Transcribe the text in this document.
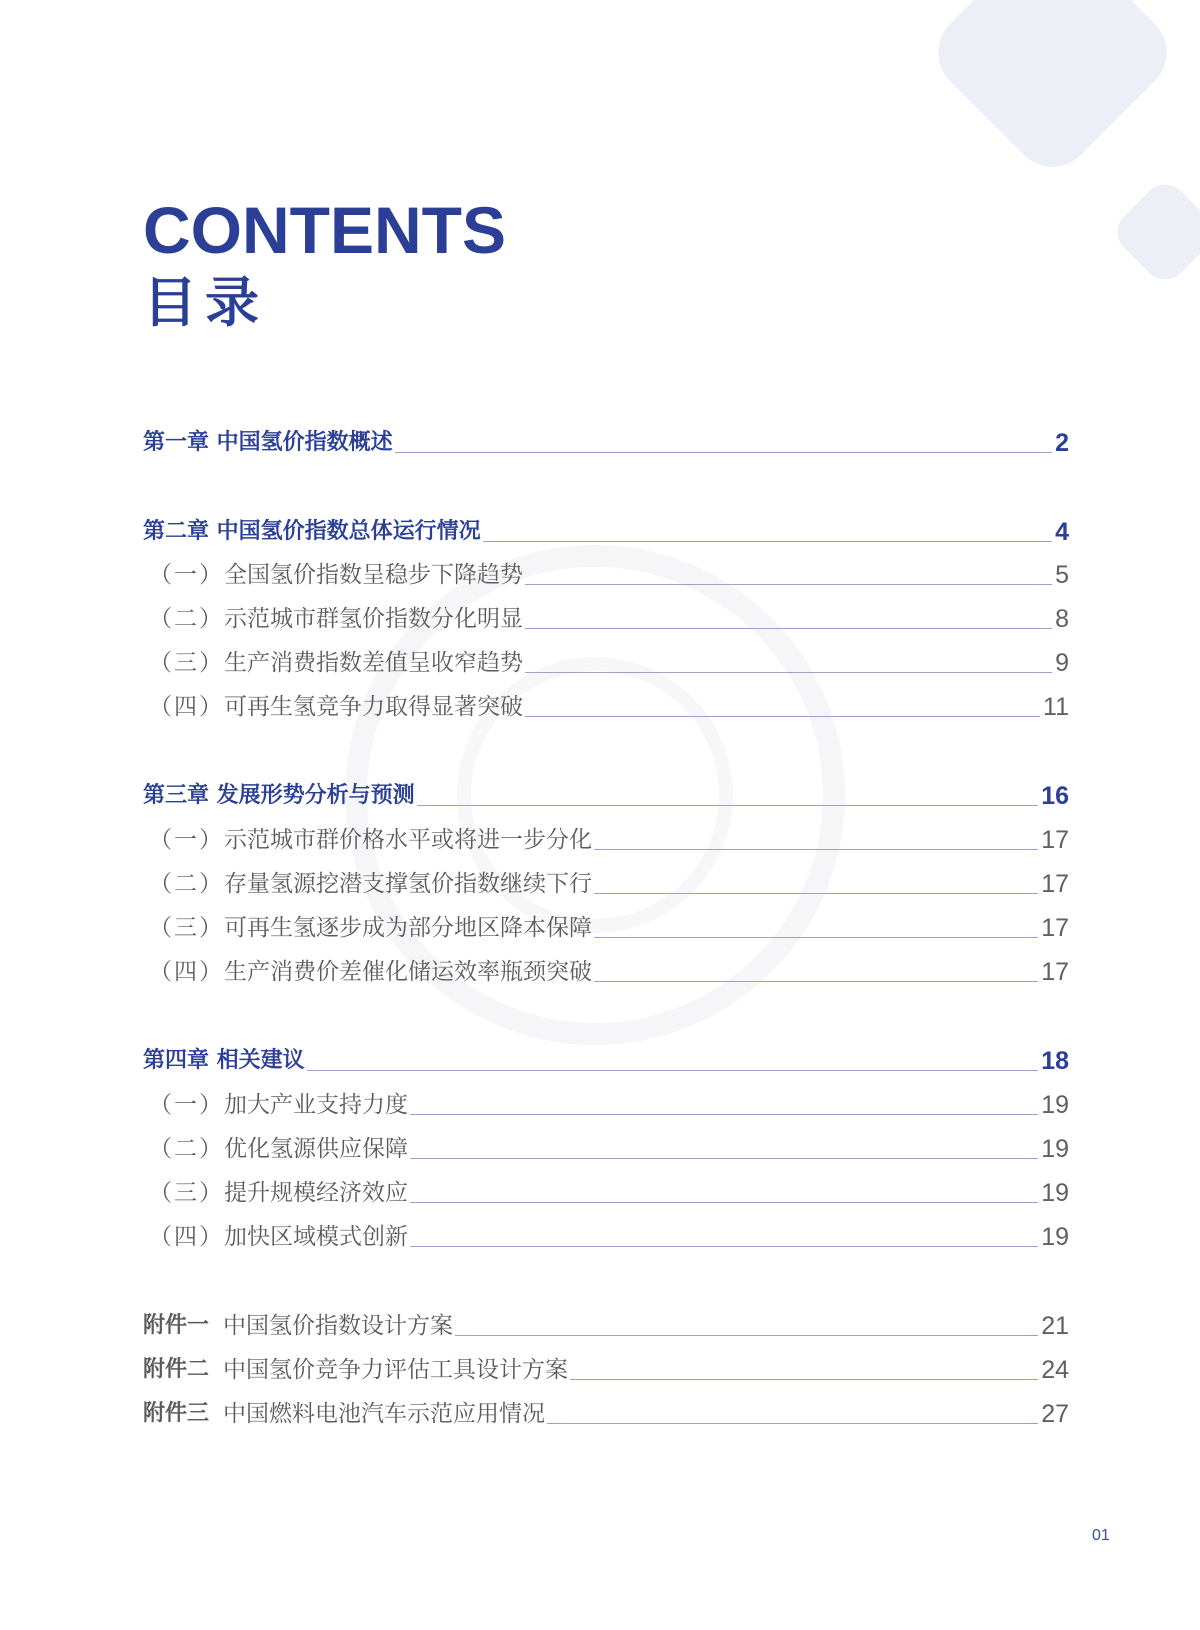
CONTENTS
目录
第一章 中国氢价指数概述	2
第二章 中国氢价指数总体运行情况	4
（一） 全国氢价指数呈稳步下降趋势	5
（二） 示范城市群氢价指数分化明显	8
（三） 生产消费指数差值呈收窄趋势	9
（四） 可再生氢竞争力取得显著突破	11
第三章 发展形势分析与预测	16
（一） 示范城市群价格水平或将进一步分化	17
（二） 存量氢源挖潜支撑氢价指数继续下行	17
（三） 可再生氢逐步成为部分地区降本保障	17
（四） 生产消费价差催化储运效率瓶颈突破	17
第四章 相关建议	18
（一） 加大产业支持力度	19
（二） 优化氢源供应保障	19
（三） 提升规模经济效应	19
（四） 加快区域模式创新	19
附件一 中国氢价指数设计方案	21
附件二 中国氢价竞争力评估工具设计方案	24
附件三 中国燃料电池汽车示范应用情况	27
01
